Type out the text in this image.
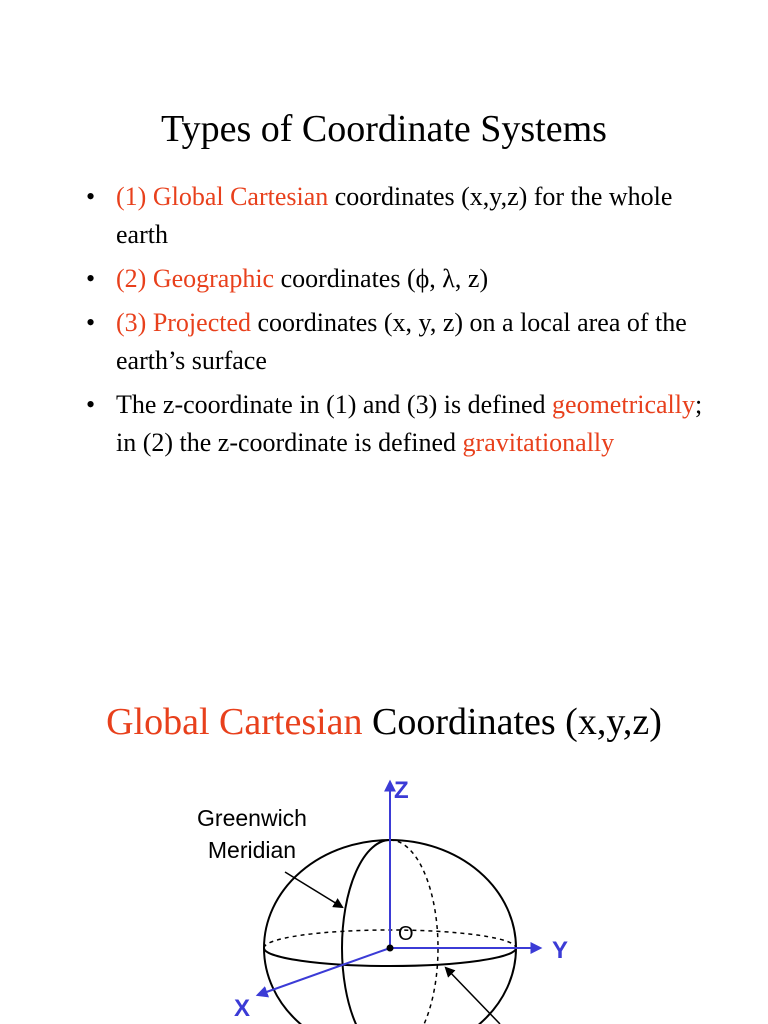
Types of Coordinate Systems
• (1) Global Cartesian coordinates (x,y,z) for the whole earth
• (2) Geographic coordinates (ϕ, λ, z)
• (3) Projected coordinates (x, y, z) on a local area of the earth’s surface
• The z-coordinate in (1) and (3) is defined geometrically; in (2) the z-coordinate is defined gravitationally
Global Cartesian Coordinates (x,y,z)
Greenwich
Meridian
Z
Y
X
O
